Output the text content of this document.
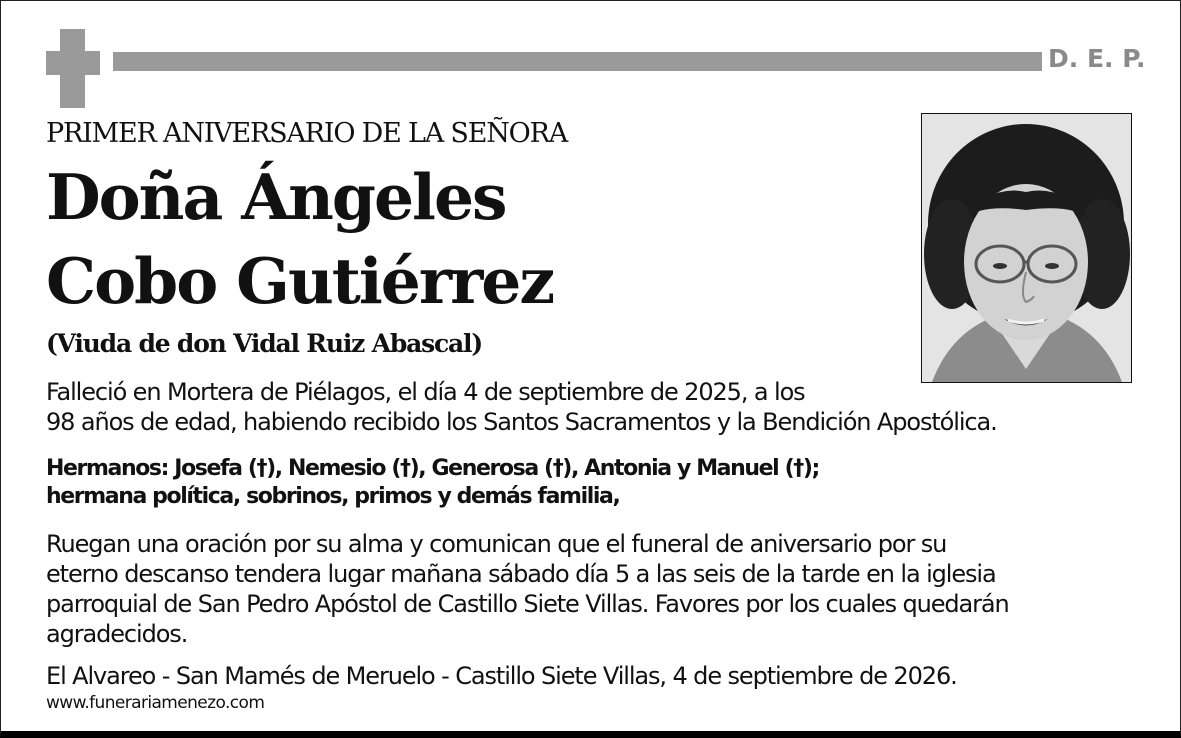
D. E. P.
PRIMER ANIVERSARIO DE LA SEÑORA
Doña Ángeles
Cobo Gutiérrez
(Viuda de don Vidal Ruiz Abascal)
Falleció en Mortera de Piélagos, el día 4 de septiembre de 2025, a los
98 años de edad, habiendo recibido los Santos Sacramentos y la Bendición Apostólica.
Hermanos: Josefa (†), Nemesio (†), Generosa (†), Antonia y Manuel (†);
hermana política, sobrinos, primos y demás familia,
Ruegan una oración por su alma y comunican que el funeral de aniversario por su
eterno descanso tendera lugar mañana sábado día 5 a las seis de la tarde en la iglesia
parroquial de San Pedro Apóstol de Castillo Siete Villas. Favores por los cuales quedarán
agradecidos.
El Alvareo - San Mamés de Meruelo - Castillo Siete Villas, 4 de septiembre de 2026.
www.funerariamenezo.com
